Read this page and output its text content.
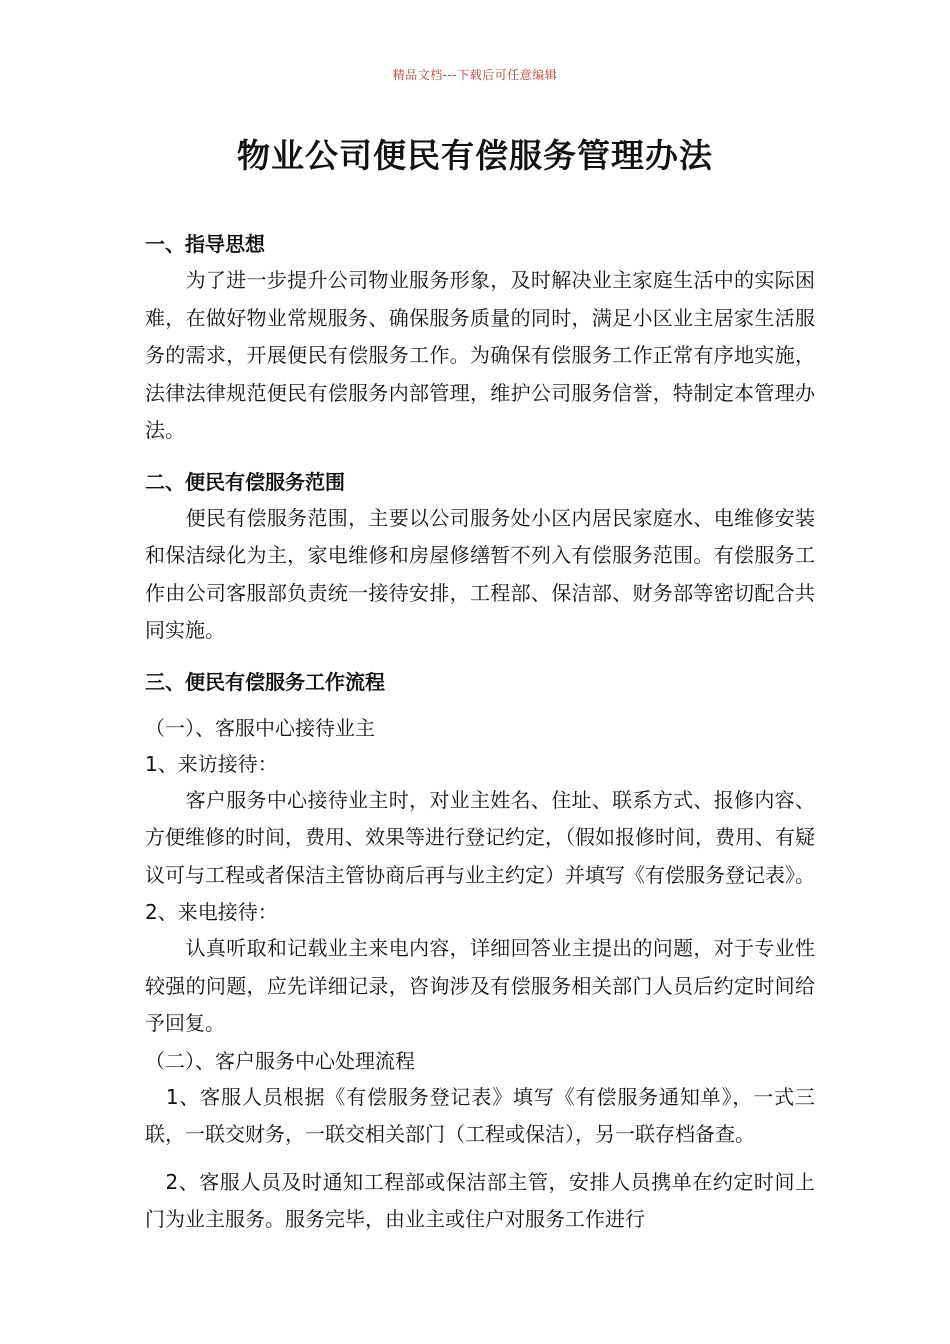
精品文档---下载后可任意编辑
物业公司便民有偿服务管理办法

一、指导思想

　　为了进一步提升公司物业服务形象，及时解决业主家庭生活中的实际困难，在做好物业常规服务、确保服务质量的同时，满足小区业主居家生活服务的需求，开展便民有偿服务工作。为确保有偿服务工作正常有序地实施，法律法律规范便民有偿服务内部管理，维护公司服务信誉，特制定本管理办法。

二、便民有偿服务范围

　　便民有偿服务范围，主要以公司服务处小区内居民家庭水、电维修安装和保洁绿化为主，家电维修和房屋修缮暂不列入有偿服务范围。有偿服务工作由公司客服部负责统一接待安排，工程部、保洁部、财务部等密切配合共同实施。

三、便民有偿服务工作流程

（一）、客服中心接待业主

1、来访接待：

　　客户服务中心接待业主时，对业主姓名、住址、联系方式、报修内容、方便维修的时间，费用、效果等进行登记约定，（假如报修时间，费用、有疑议可与工程或者保洁主管协商后再与业主约定）并填写《有偿服务登记表》。

2、来电接待：

　　认真听取和记载业主来电内容，详细回答业主提出的问题，对于专业性较强的问题，应先详细记录，咨询涉及有偿服务相关部门人员后约定时间给予回复。

（二）、客户服务中心处理流程

　1、客服人员根据《有偿服务登记表》填写《有偿服务通知单》，一式三联，一联交财务，一联交相关部门（工程或保洁），另一联存档备查。

　2、客服人员及时通知工程部或保洁部主管，安排人员携单在约定时间上门为业主服务。服务完毕，由业主或住户对服务工作进行
